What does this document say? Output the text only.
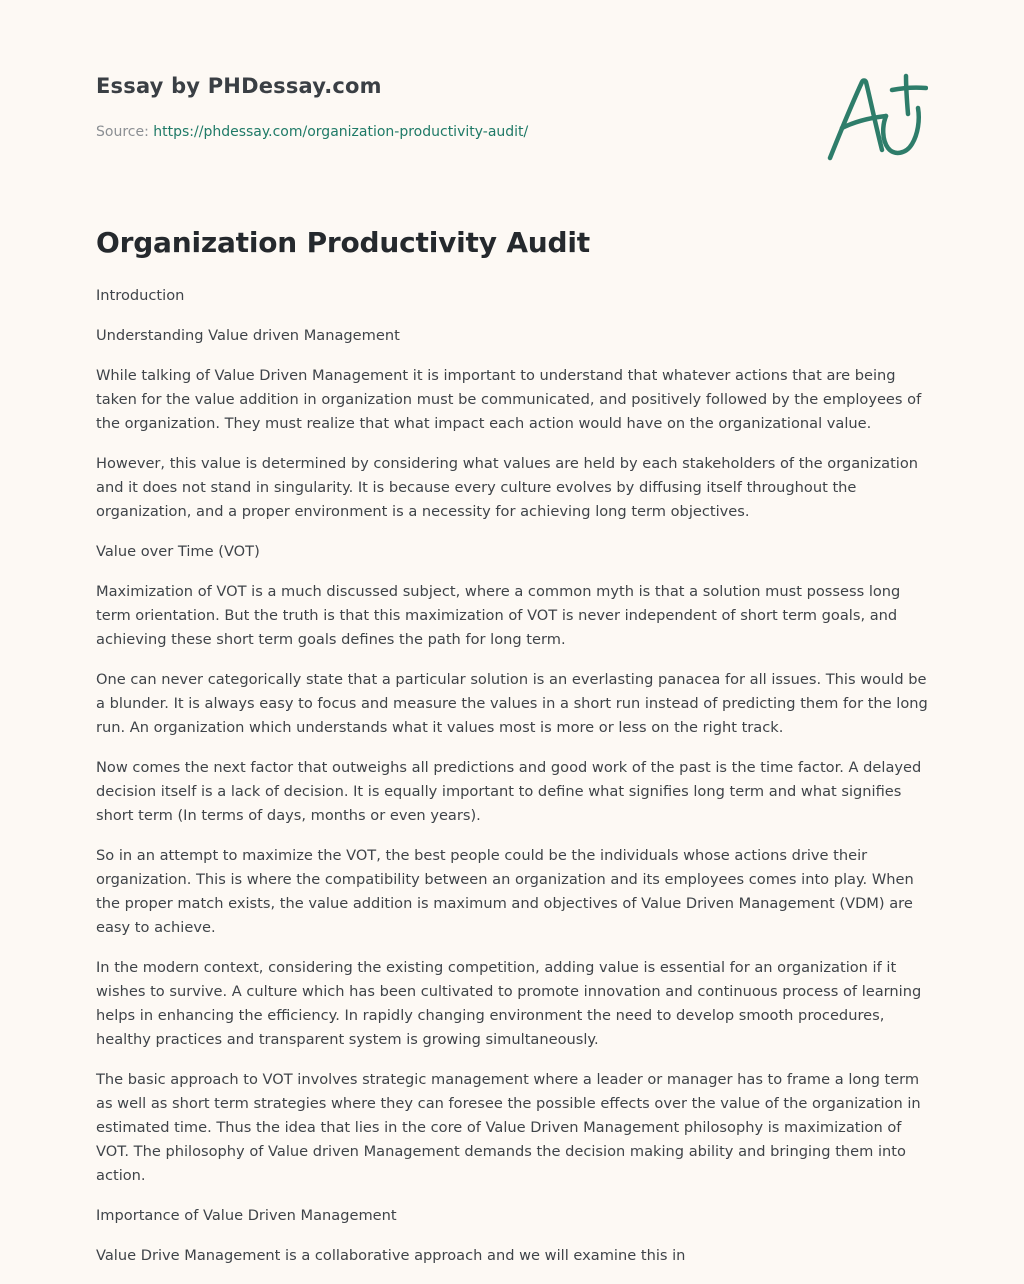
Essay by PHDessay.com
Source: https://phdessay.com/organization-productivity-audit/
Organization Productivity Audit

Introduction

Understanding Value driven Management

While talking of Value Driven Management it is important to understand that whatever actions that are being taken for the value addition in organization must be communicated, and positively followed by the employees of the organization. They must realize that what impact each action would have on the organizational value.

However, this value is determined by considering what values are held by each stakeholders of the organization and it does not stand in singularity. It is because every culture evolves by diffusing itself throughout the organization, and a proper environment is a necessity for achieving long term objectives.

Value over Time (VOT)

Maximization of VOT is a much discussed subject, where a common myth is that a solution must possess long term orientation. But the truth is that this maximization of VOT is never independent of short term goals, and achieving these short term goals defines the path for long term.

One can never categorically state that a particular solution is an everlasting panacea for all issues. This would be a blunder. It is always easy to focus and measure the values in a short run instead of predicting them for the long run. An organization which understands what it values most is more or less on the right track.

Now comes the next factor that outweighs all predictions and good work of the past is the time factor. A delayed decision itself is a lack of decision. It is equally important to define what signifies long term and what signifies short term (In terms of days, months or even years).

So in an attempt to maximize the VOT, the best people could be the individuals whose actions drive their organization. This is where the compatibility between an organization and its employees comes into play. When the proper match exists, the value addition is maximum and objectives of Value Driven Management (VDM) are easy to achieve.

In the modern context, considering the existing competition, adding value is essential for an organization if it wishes to survive. A culture which has been cultivated to promote innovation and continuous process of learning helps in enhancing the efficiency. In rapidly changing environment the need to develop smooth procedures, healthy practices and transparent system is growing simultaneously.

The basic approach to VOT involves strategic management where a leader or manager has to frame a long term as well as short term strategies where they can foresee the possible effects over the value of the organization in estimated time. Thus the idea that lies in the core of Value Driven Management philosophy is maximization of VOT. The philosophy of Value driven Management demands the decision making ability and bringing them into action.

Importance of Value Driven Management

Value Drive Management is a collaborative approach and we will examine this in
